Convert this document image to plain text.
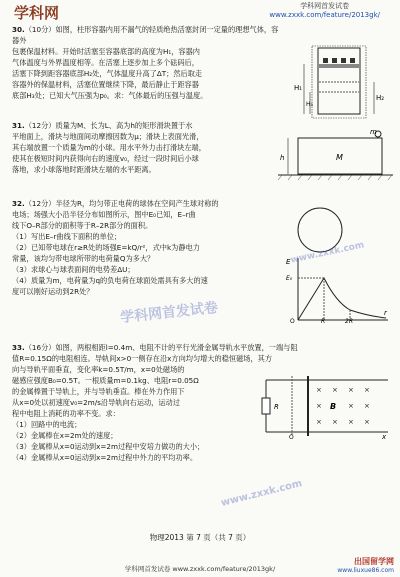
学科网	学科网首发试卷
www.zxxk.com/feature/2013gk/

30.（10分）如图，柱形容器内用不漏气的轻质绝热活塞封闭一定量的理想气体，容器外

包裹保温材料。开始时活塞至容器底部的高度为H₁，容器内

气体温度与外界温度相等。在活塞上逐步加上多个砝码后，

活塞下降到距容器底部H₂处，气体温度升高了ΔT；然后取走

容器外的保温材料，活塞位置继续下降，最后静止于距容器

底部H₃处；已知大气压强为p₀。求：气体最后的压强与温度。

H₁
H₂
H₃

31.（12分）质量为M、长为L、高为h的矩形滑块置于水

平地面上，滑块与地面间动摩擦因数为μ；滑块上表面光滑，

其右端放置一个质量为m的小球。用水平外力击打滑块左端，

使其在极短时间内获得向右的速度v₀，经过一段时间后小球

落地，求小球落地时距滑块左端的水平距离。

m
M
h

32.（12分）半径为R，均匀带正电荷的球体在空间产生球对称的

电场；场强大小沿半径分布如图所示，图中E₀已知，E–r曲

线下O–R部分的面积等于R–2R部分的面积。

（1）写出E–r曲线下面积的单位；

（2）已知带电球在r≥R处的场强E=kQ/r²，式中k为静电力

常量，该均匀带电球所带的电荷量Q为多大？

（3）求球心与球表面间的电势差ΔU；

（4）质量为m，电荷量为q的负电荷在球面处需具有多大的速

度可以刚好运动到2R处？

E
E₀
O	R	2R
r

33.（16分）如图，两根相距l=0.4m、电阻不计的平行光滑金属导轨水平放置，一端与阻

值R=0.15Ω的电阻相连。导轨间x>0一侧存在沿x方向均匀增大的稳恒磁场，其方

向与导轨平面垂直，变化率k=0.5T/m，x=0处磁场的

磁感应强度B₀=0.5T。一根质量m=0.1kg、电阻r=0.05Ω

的金属棒置于导轨上，并与导轨垂直。棒在外力作用下

从x=0处以初速度v₀=2m/s沿导轨向右运动，运动过

程中电阻上消耗的功率不变。求：

（1）回路中的电流；

（2）金属棒在x=2m处的速度；

（3）金属棒从x=0运动到x=2m过程中安培力做功的大小；

（4）金属棒从x=0运动到x=2m过程中外力的平均功率。

R
× × × ×
×	× ×
× × × ×
B
O	x
www.zxxk.com
学科网首发试卷
www.zxxk.com
物理2013 第 7 页（共 7 页）
学科网首发试卷 www.zxxk.com/feature/2013gk/
出国留学网
www.liuxue86.com
